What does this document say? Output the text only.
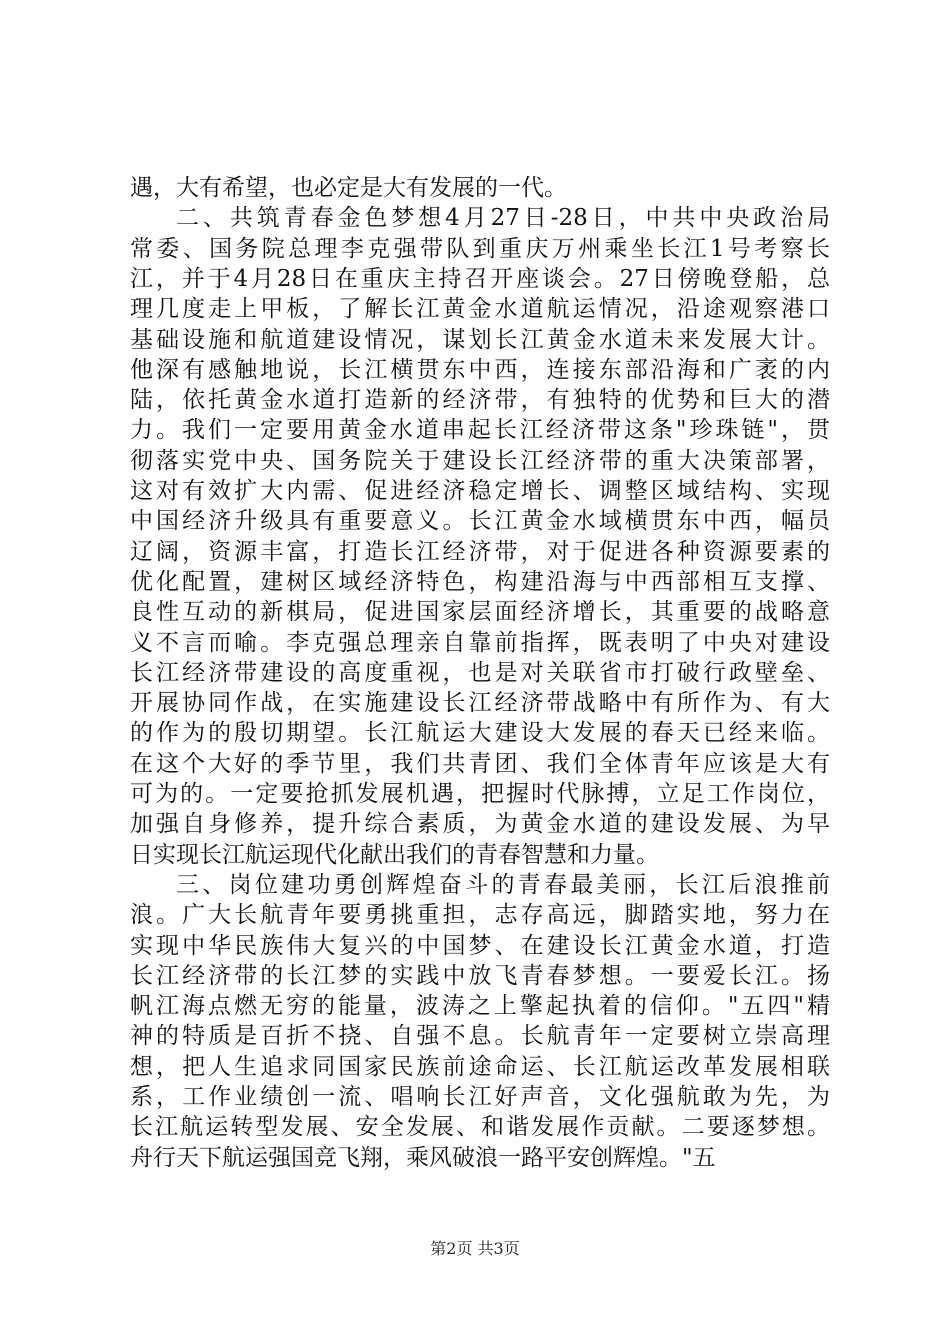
遇，大有希望，也必定是大有发展的一代。
二、共筑青春金色梦想4月27日-28日，中共中央政治局
常委、国务院总理李克强带队到重庆万州乘坐长江1号考察长
江，并于4月28日在重庆主持召开座谈会。27日傍晚登船，总
理几度走上甲板，了解长江黄金水道航运情况，沿途观察港口
基础设施和航道建设情况，谋划长江黄金水道未来发展大计。
他深有感触地说，长江横贯东中西，连接东部沿海和广袤的内
陆，依托黄金水道打造新的经济带，有独特的优势和巨大的潜
力。我们一定要用黄金水道串起长江经济带这条"珍珠链"，贯
彻落实党中央、国务院关于建设长江经济带的重大决策部署，
这对有效扩大内需、促进经济稳定增长、调整区域结构、实现
中国经济升级具有重要意义。长江黄金水域横贯东中西，幅员
辽阔，资源丰富，打造长江经济带，对于促进各种资源要素的
优化配置，建树区域经济特色，构建沿海与中西部相互支撑、
良性互动的新棋局，促进国家层面经济增长，其重要的战略意
义不言而喻。李克强总理亲自靠前指挥，既表明了中央对建设
长江经济带建设的高度重视，也是对关联省市打破行政壁垒、
开展协同作战，在实施建设长江经济带战略中有所作为、有大
的作为的殷切期望。长江航运大建设大发展的春天已经来临。
在这个大好的季节里，我们共青团、我们全体青年应该是大有
可为的。一定要抢抓发展机遇，把握时代脉搏，立足工作岗位，
加强自身修养，提升综合素质，为黄金水道的建设发展、为早
日实现长江航运现代化献出我们的青春智慧和力量。
三、岗位建功勇创辉煌奋斗的青春最美丽，长江后浪推前
浪。广大长航青年要勇挑重担，志存高远，脚踏实地，努力在
实现中华民族伟大复兴的中国梦、在建设长江黄金水道，打造
长江经济带的长江梦的实践中放飞青春梦想。一要爱长江。扬
帆江海点燃无穷的能量，波涛之上擎起执着的信仰。"五四"精
神的特质是百折不挠、自强不息。长航青年一定要树立崇高理
想，把人生追求同国家民族前途命运、长江航运改革发展相联
系，工作业绩创一流、唱响长江好声音，文化强航敢为先，为
长江航运转型发展、安全发展、和谐发展作贡献。二要逐梦想。
舟行天下航运强国竞飞翔，乘风破浪一路平安创辉煌。"五
第2页 共3页
